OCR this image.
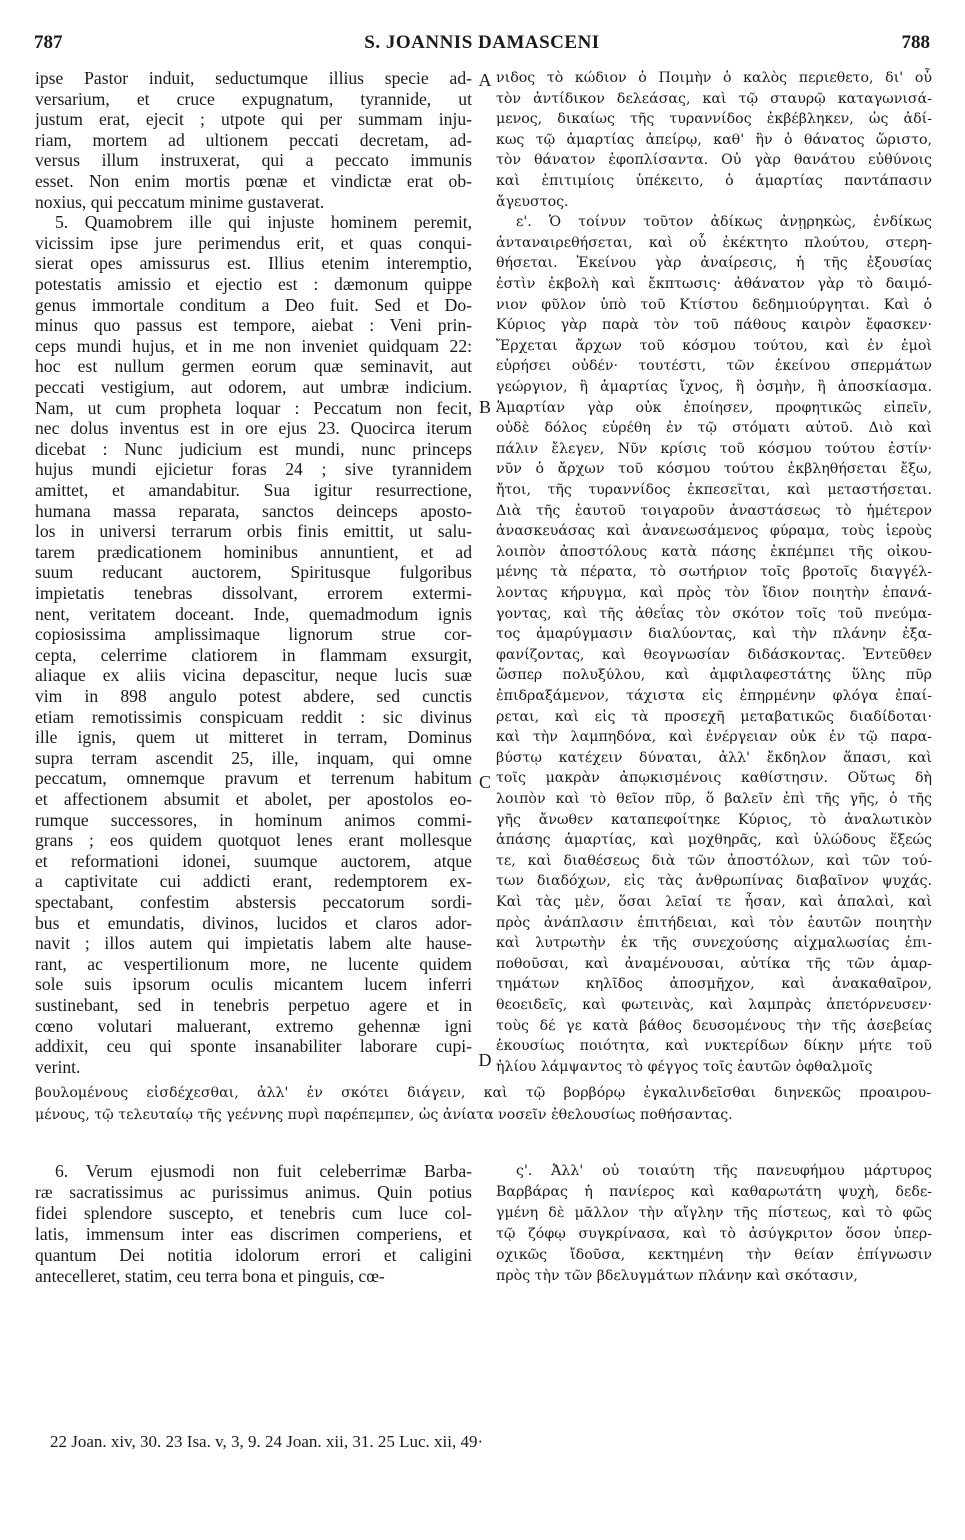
787	S. JOANNIS DAMASCENI	788
ipse Pastor induit, seductumque illius specie ad-
versarium, et cruce expugnatum, tyrannide, ut
justum erat, ejecit ; utpote qui per summam inju-
riam, mortem ad ultionem peccati decretam, ad-
versus illum instruxerat, qui a peccato immunis
esset. Non enim mortis pœnæ et vindictæ erat ob-
noxius, qui peccatum minime gustaverat.
5. Quamobrem ille qui injuste hominem peremit,
vicissim ipse jure perimendus erit, et quas conqui-
sierat opes amissurus est. Illius etenim interemptio,
potestatis amissio et ejectio est : dæmonum quippe
genus immortale conditum a Deo fuit. Sed et Do-
minus quo passus est tempore, aiebat : Veni prin-
ceps mundi hujus, et in me non inveniet quidquam 22:
hoc est nullum germen eorum quæ seminavit, aut
peccati vestigium, aut odorem, aut umbræ indicium.
Nam, ut cum propheta loquar : Peccatum non fecit,
nec dolus inventus est in ore ejus 23. Quocirca iterum
dicebat : Nunc judicium est mundi, nunc princeps
hujus mundi ejicietur foras 24 ; sive tyrannidem
amittet, et amandabitur. Sua igitur resurrectione,
humana massa reparata, sanctos deinceps aposto-
los in universi terrarum orbis finis emittit, ut salu-
tarem prædicationem hominibus annuntient, et ad
suum reducant auctorem, Spiritusque fulgoribus
impietatis tenebras dissolvant, errorem extermi-
nent, veritatem doceant. Inde, quemadmodum ignis
copiosissima amplissimaque lignorum strue cor-
cepta, celerrime clatiorem in flammam exsurgit,
aliaque ex aliis vicina depascitur, neque lucis suæ
vim in 898 angulo potest abdere, sed cunctis
etiam remotissimis conspicuam reddit : sic divinus
ille ignis, quem ut mitteret in terram, Dominus
supra terram ascendit 25, ille, inquam, qui omne
peccatum, omnemque pravum et terrenum habitum
et affectionem absumit et abolet, per apostolos eo-
rumque successores, in hominum animos commi-
grans ; eos quidem quotquot lenes erant mollesque
et reformationi idonei, suumque auctorem, atque
a captivitate cui addicti erant, redemptorem ex-
spectabant, confestim abstersis peccatorum sordi-
bus et emundatis, divinos, lucidos et claros ador-
navit ; illos autem qui impietatis labem alte hause-
rant, ac vespertilionum more, ne lucente quidem
sole suis ipsorum oculis micantem lucem inferri
sustinebant, sed in tenebris perpetuo agere et in
cœno volutari maluerant, extremo gehennæ igni
addixit, ceu qui sponte insanabiliter laborare cupi-
verint.
νιδος τὸ κώδιον ὁ Ποιμὴν ὁ καλὸς περιεθετο, δι' οὗ
τὸν ἀντίδικον δελεάσας, καὶ τῷ σταυρῷ καταγωνισά-
μενος, δικαίως τῆς τυραννίδος ἐκβέβληκεν, ὡς ἀδί-
κως τῷ ἁμαρτίας ἀπείρῳ, καθ' ἣν ὁ θάνατος ὥριστο,
τὸν θάνατον ἐφοπλίσαντα. Οὐ γὰρ θανάτου εὐθύνοις
καὶ ἐπιτιμίοις ὑπέκειτο, ὁ ἁμαρτίας παντάπασιν
ἄγευστος.
ε'. Ὁ τοίνυν τοῦτον ἀδίκως ἀνῃρηκὼς, ἐνδίκως
ἀνταναιρεθήσεται, καὶ οὗ ἐκέκτητο πλούτου, στερη-
θήσεται. Ἐκείνου γὰρ ἀναίρεσις, ἡ τῆς ἐξουσίας
ἐστὶν ἐκβολὴ καὶ ἔκπτωσις· ἀθάνατον γὰρ τὸ δαιμό-
νιον φῦλον ὑπὸ τοῦ Κτίστου δεδημιούργηται. Καὶ ὁ
Κύριος γὰρ παρὰ τὸν τοῦ πάθους καιρὸν ἔφασκεν·
Ἔρχεται ἄρχων τοῦ κόσμου τούτου, καὶ ἐν ἐμοὶ
εὑρήσει οὐδέν· τουτέστι, τῶν ἐκείνου σπερμάτων
γεώργιον, ἢ ἁμαρτίας ἴχνος, ἢ ὀσμὴν, ἢ ἀποσκίασμα.
Ἁμαρτίαν γὰρ οὐκ ἐποίησεν, προφητικῶς εἰπεῖν,
οὐδὲ δόλος εὑρέθη ἐν τῷ στόματι αὐτοῦ. Διὸ καὶ
πάλιν ἔλεγεν, Νῦν κρίσις τοῦ κόσμου τούτου ἐστίν·
νῦν ὁ ἄρχων τοῦ κόσμου τούτου ἐκβληθήσεται ἔξω,
ἤτοι, τῆς τυραννίδος ἐκπεσεῖται, καὶ μεταστήσεται.
Διὰ τῆς ἑαυτοῦ τοιγαροῦν ἀναστάσεως τὸ ἡμέτερον
ἀνασκευάσας καὶ ἀνανεωσάμενος φύραμα, τοὺς ἱεροὺς
λοιπὸν ἀποστόλους κατὰ πάσης ἐκπέμπει τῆς οἰκου-
μένης τὰ πέρατα, τὸ σωτήριον τοῖς βροτοῖς διαγγέλ-
λοντας κήρυγμα, καὶ πρὸς τὸν ἴδιον ποιητὴν ἐπανά-
γοντας, καὶ τῆς ἀθεΐας τὸν σκότον τοῖς τοῦ πνεύμα-
τος ἀμαρύγμασιν διαλύοντας, καὶ τὴν πλάνην ἐξα-
φανίζοντας, καὶ θεογνωσίαν διδάσκοντας. Ἐντεῦθεν
ὥσπερ πολυξύλου, καὶ ἀμφιλαφεστάτης ὕλης πῦρ
ἐπιδραξάμενον, τάχιστα εἰς ἐπηρμένην φλόγα ἐπαί-
ρεται, καὶ εἰς τὰ προσεχῆ μεταβατικῶς διαδίδοται·
καὶ τὴν λαμπηδόνα, καὶ ἐνέργειαν οὐκ ἐν τῷ παρα-
βύστῳ κατέχειν δύναται, ἀλλ' ἔκδηλον ἅπασι, καὶ
τοῖς μακρὰν ἀπῳκισμένοις καθίστησιν. Οὕτως δὴ
λοιπὸν καὶ τὸ θεῖον πῦρ, ὅ βαλεῖν ἐπὶ τῆς γῆς, ὁ τῆς
γῆς ἄνωθεν καταπεφοίτηκε Κύριος, τὸ ἀναλωτικὸν
ἁπάσης ἁμαρτίας, καὶ μοχθηρᾶς, καὶ ὑλώδους ἕξεώς
τε, καὶ διαθέσεως διὰ τῶν ἀποστόλων, καὶ τῶν τού-
των διαδόχων, εἰς τὰς ἀνθρωπίνας διαβαῖνον ψυχάς.
Καὶ τὰς μὲν, ὅσαι λεῖαί τε ἦσαν, καὶ ἁπαλαὶ, καὶ
πρὸς ἀνάπλασιν ἐπιτήδειαι, καὶ τὸν ἑαυτῶν ποιητὴν
καὶ λυτρωτὴν ἐκ τῆς συνεχούσης αἰχμαλωσίας ἐπι-
ποθοῦσαι, καὶ ἀναμένουσαι, αὐτίκα τῆς τῶν ἁμαρ-
τημάτων κηλῖδος ἀποσμῆχον, καὶ ἀνακαθαῖρον,
θεοειδεῖς, καὶ φωτεινὰς, καὶ λαμπρὰς ἀπετόρνευσεν·
τοὺς δέ γε κατὰ βάθος δευσομένους τὴν τῆς ἀσεβείας
ἑκουσίως ποιότητα, καὶ νυκτερίδων δίκην μήτε τοῦ
ἡλίου λάμψαντος τὸ φέγγος τοῖς ἑαυτῶν ὀφθαλμοῖς
A
B
C
D
βουλομένους εἰσδέχεσθαι, ἀλλ' ἐν σκότει διάγειν, καὶ τῷ βορβόρῳ ἐγκαλινδεῖσθαι διηνεκῶς προαιρου-
μένους, τῷ τελευταίῳ τῆς γεέννης πυρὶ παρέπεμπεν, ὡς ἀνίατα νοσεῖν ἐθελουσίως ποθήσαντας.
6. Verum ejusmodi non fuit celeberrimæ Barba-
ræ sacratissimus ac purissimus animus. Quin potius
fidei splendore suscepto, et tenebris cum luce col-
latis, immensum inter eas discrimen comperiens, et
quantum Dei notitia idolorum errori et caligini
antecelleret, statim, ceu terra bona et pinguis, cœ-
ς'. Ἀλλ' οὐ τοιαύτη τῆς πανευφήμου μάρτυρος
Βαρβάρας ἡ πανίερος καὶ καθαρωτάτη ψυχὴ, δεδε-
γμένη δὲ μᾶλλον τὴν αἴγλην τῆς πίστεως, καὶ τὸ φῶς
τῷ ζόφῳ συγκρίνασα, καὶ τὸ ἀσύγκριτον ὅσον ὑπερ-
οχικῶς ἴδοῦσα, κεκτημένη τὴν θείαν ἐπίγνωσιν
πρὸς τὴν τῶν βδελυγμάτων πλάνην καὶ σκότασιν,
22 Joan. xiv, 30. 23 Isa. v, 3, 9. 24 Joan. xii, 31. 25 Luc. xii, 49·
